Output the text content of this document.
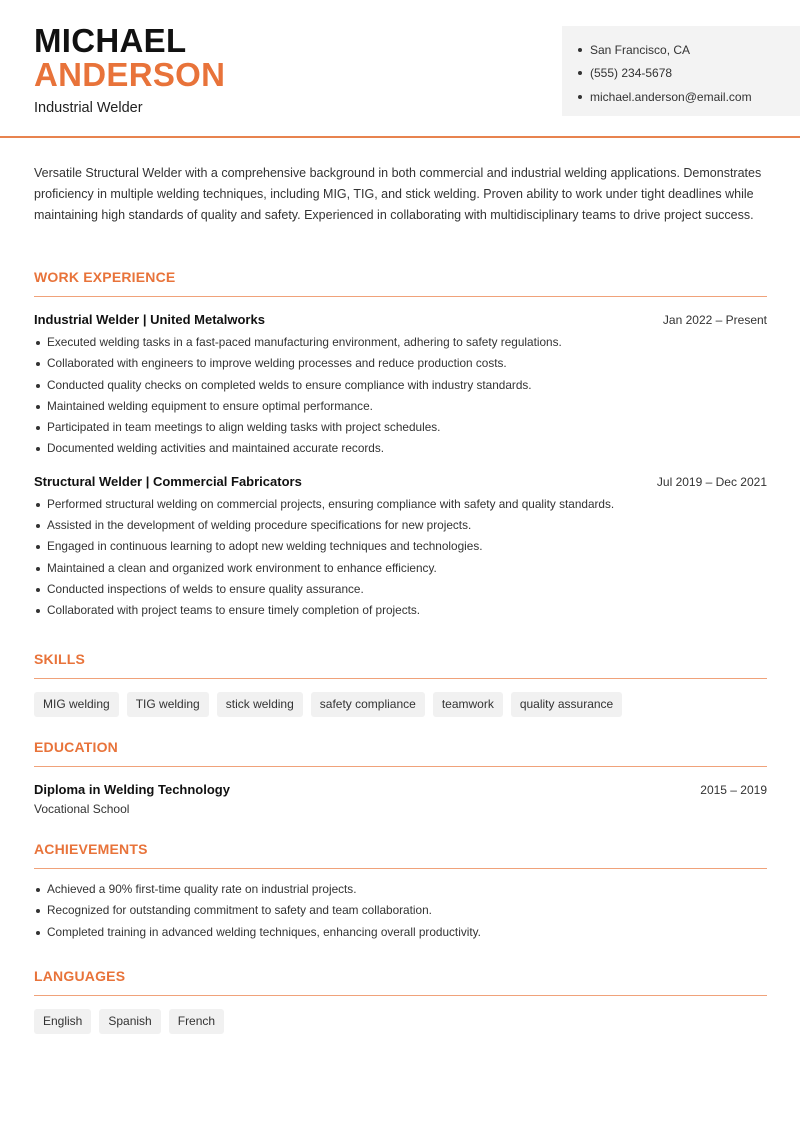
MICHAEL
ANDERSON
Industrial Welder
San Francisco, CA
(555) 234-5678
michael.anderson@email.com
Versatile Structural Welder with a comprehensive background in both commercial and industrial welding applications. Demonstrates proficiency in multiple welding techniques, including MIG, TIG, and stick welding. Proven ability to work under tight deadlines while maintaining high standards of quality and safety. Experienced in collaborating with multidisciplinary teams to drive project success.
WORK EXPERIENCE
Industrial Welder | United Metalworks	Jan 2022 – Present
Executed welding tasks in a fast-paced manufacturing environment, adhering to safety regulations.
Collaborated with engineers to improve welding processes and reduce production costs.
Conducted quality checks on completed welds to ensure compliance with industry standards.
Maintained welding equipment to ensure optimal performance.
Participated in team meetings to align welding tasks with project schedules.
Documented welding activities and maintained accurate records.
Structural Welder | Commercial Fabricators	Jul 2019 – Dec 2021
Performed structural welding on commercial projects, ensuring compliance with safety and quality standards.
Assisted in the development of welding procedure specifications for new projects.
Engaged in continuous learning to adopt new welding techniques and technologies.
Maintained a clean and organized work environment to enhance efficiency.
Conducted inspections of welds to ensure quality assurance.
Collaborated with project teams to ensure timely completion of projects.
SKILLS
MIG welding	TIG welding	stick welding	safety compliance	teamwork	quality assurance
EDUCATION
Diploma in Welding Technology	2015 – 2019
Vocational School
ACHIEVEMENTS
Achieved a 90% first-time quality rate on industrial projects.
Recognized for outstanding commitment to safety and team collaboration.
Completed training in advanced welding techniques, enhancing overall productivity.
LANGUAGES
English	Spanish	French
